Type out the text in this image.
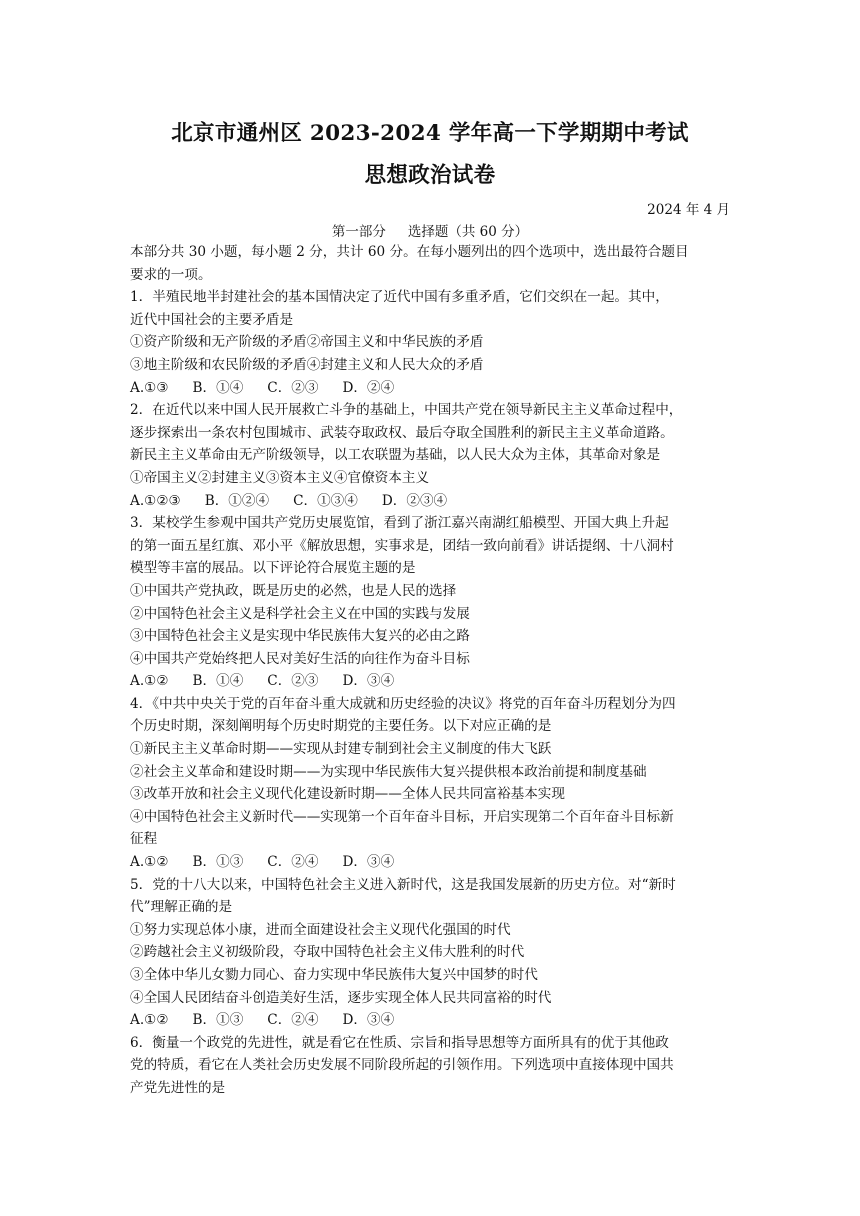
北京市通州区 2023-2024 学年高一下学期期中考试
思想政治试卷
2024 年 4 月
第一部分 选择题（共 60 分）
本部分共 30 小题，每小题 2 分，共计 60 分。在每小题列出的四个选项中，选出最符合题目
要求的一项。
1．半殖民地半封建社会的基本国情决定了近代中国有多重矛盾，它们交织在一起。其中，
近代中国社会的主要矛盾是
①资产阶级和无产阶级的矛盾②帝国主义和中华民族的矛盾
③地主阶级和农民阶级的矛盾④封建主义和人民大众的矛盾
A.①③ B．①④ C．②③ D．②④
2．在近代以来中国人民开展救亡斗争的基础上，中国共产党在领导新民主主义革命过程中，
逐步探索出一条农村包围城市、武装夺取政权、最后夺取全国胜利的新民主主义革命道路。
新民主主义革命由无产阶级领导，以工农联盟为基础，以人民大众为主体，其革命对象是
①帝国主义②封建主义③资本主义④官僚资本主义
A.①②③ B．①②④ C．①③④ D．②③④
3．某校学生参观中国共产党历史展览馆，看到了浙江嘉兴南湖红船模型、开国大典上升起
的第一面五星红旗、邓小平《解放思想，实事求是，团结一致向前看》讲话提纲、十八洞村
模型等丰富的展品。以下评论符合展览主题的是
①中国共产党执政，既是历史的必然，也是人民的选择
②中国特色社会主义是科学社会主义在中国的实践与发展
③中国特色社会主义是实现中华民族伟大复兴的必由之路
④中国共产党始终把人民对美好生活的向往作为奋斗目标
A.①② B．①④ C．②③ D．③④
4．《中共中央关于党的百年奋斗重大成就和历史经验的决议》将党的百年奋斗历程划分为四
个历史时期，深刻阐明每个历史时期党的主要任务。以下对应正确的是
①新民主主义革命时期——实现从封建专制到社会主义制度的伟大飞跃
②社会主义革命和建设时期——为实现中华民族伟大复兴提供根本政治前提和制度基础
③改革开放和社会主义现代化建设新时期——全体人民共同富裕基本实现
④中国特色社会主义新时代——实现第一个百年奋斗目标，开启实现第二个百年奋斗目标新
征程
A.①② B．①③ C．②④ D．③④
5．党的十八大以来，中国特色社会主义进入新时代，这是我国发展新的历史方位。对“新时
代”理解正确的是
①努力实现总体小康，进而全面建设社会主义现代化强国的时代
②跨越社会主义初级阶段，夺取中国特色社会主义伟大胜利的时代
③全体中华儿女勠力同心、奋力实现中华民族伟大复兴中国梦的时代
④全国人民团结奋斗创造美好生活，逐步实现全体人民共同富裕的时代
A.①② B．①③ C．②④ D．③④
6．衡量一个政党的先进性，就是看它在性质、宗旨和指导思想等方面所具有的优于其他政
党的特质，看它在人类社会历史发展不同阶段所起的引领作用。下列选项中直接体现中国共
产党先进性的是
